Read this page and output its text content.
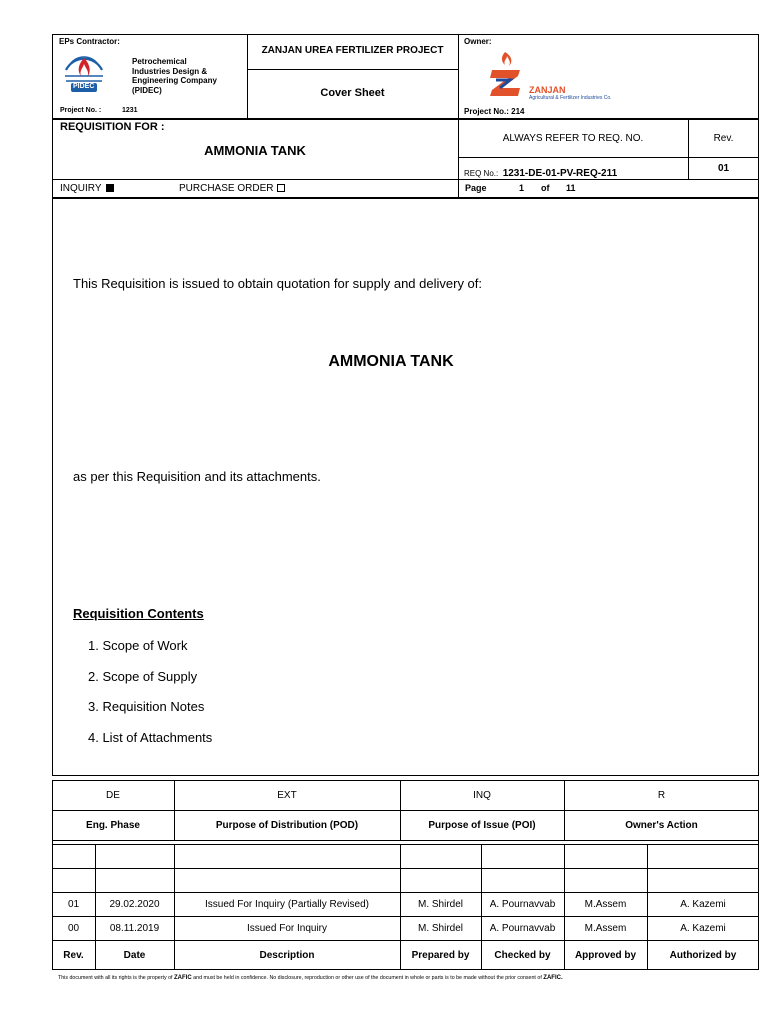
EPs Contractor:
PIDEC
Petrochemical
Industries Design &
Engineering Company
(PIDEC)
Project No. :	1231
ZANJAN UREA FERTILIZER PROJECT
Cover Sheet
Owner:
ZANJAN
Agricultural & Fertilizer Industries Co.
Project No.: 214
REQUISITION FOR :
AMMONIA TANK
ALWAYS REFER TO REQ. NO.	Rev.
REQ No.: 1231-DE-01-PV-REQ-211	01
INQUIRY	PURCHASE ORDER	Page	1 of 11
This Requisition is issued to obtain quotation for supply and delivery of:
AMMONIA TANK
as per this Requisition and its attachments.
Requisition Contents
1. Scope of Work
2. Scope of Supply
3. Requisition Notes
4. List of Attachments
DE	EXT	INQ	R
Eng. Phase	Purpose of Distribution (POD)	Purpose of Issue (POI)	Owner's Action
01	29.02.2020	Issued For Inquiry (Partially Revised)	M. Shirdel	A. Pournavvab	M.Assem	A. Kazemi
00	08.11.2019	Issued For Inquiry	M. Shirdel	A. Pournavvab	M.Assem	A. Kazemi
Rev.	Date	Description	Prepared by	Checked by	Approved by	Authorized by
This document with all its rights is the property of ZAFIC and must be held in confidence. No disclosure, reproduction or other use of the document in whole or parts is to be made without the prior consent of ZAFIC.
